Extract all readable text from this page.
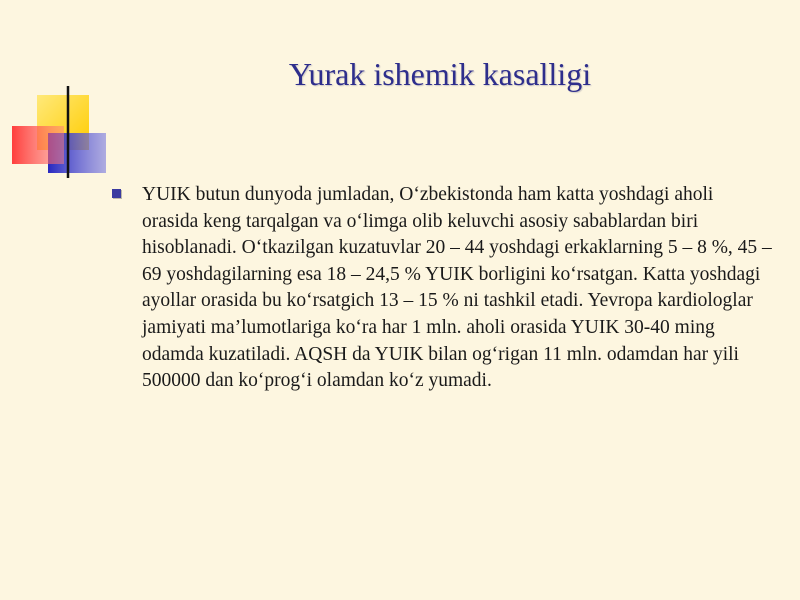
Yurak ishemik kasalligi
YUIK butun dunyoda jumladan, O‘zbekistonda ham katta yoshdagi aholi orasida keng tarqalgan va o‘limga olib keluvchi asosiy sabablardan biri hisoblanadi. O‘tkazilgan kuzatuvlar 20 – 44 yoshdagi erkaklarning 5 – 8 %, 45 – 69 yoshdagilarning esa 18 – 24,5 % YUIK borligini ko‘rsatgan. Katta yoshdagi ayollar orasida bu ko‘rsatgich 13 – 15 % ni tashkil etadi. Yevropa kardiologlar jamiyati ma’lumotlariga ko‘ra har 1 mln. aholi orasida YUIK 30-40 ming odamda kuzatiladi. AQSH da YUIK bilan og‘rigan 11 mln. odamdan har yili 500000 dan ko‘prog‘i olamdan ko‘z yumadi.
